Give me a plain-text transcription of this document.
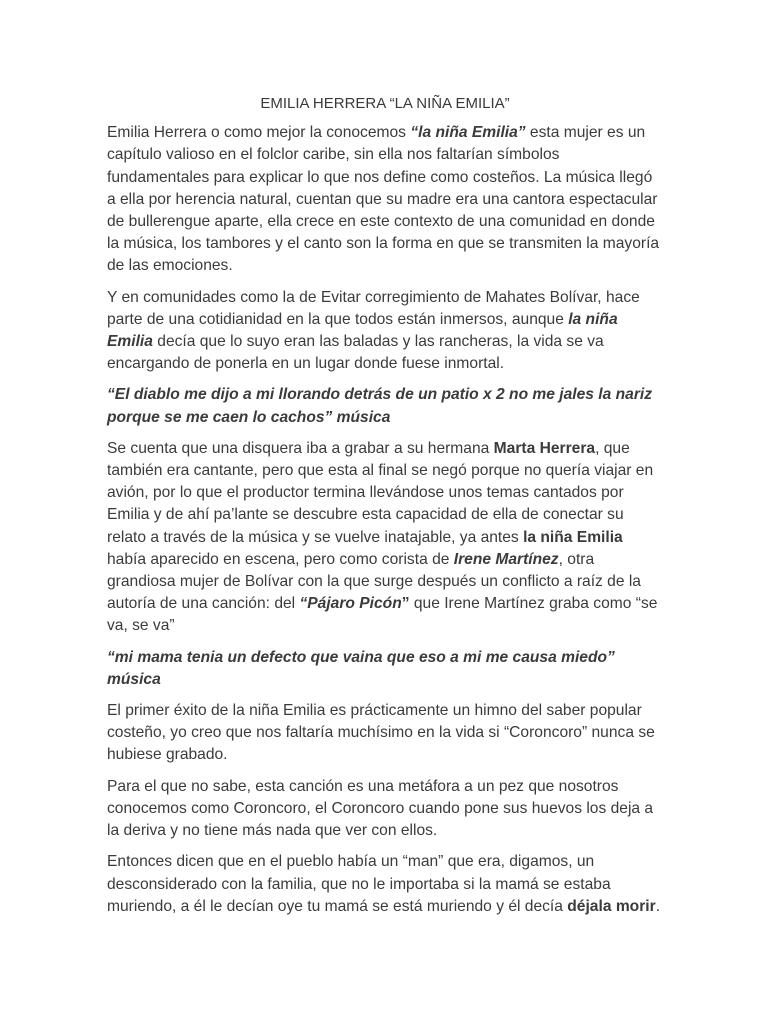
EMILIA HERRERA “LA NIÑA EMILIA”

Emilia Herrera o como mejor la conocemos “la niña Emilia” esta mujer es un capítulo valioso en el folclor caribe, sin ella nos faltarían símbolos fundamentales para explicar lo que nos define como costeños. La música llegó a ella por herencia natural, cuentan que su madre era una cantora espectacular de bullerengue aparte, ella crece en este contexto de una comunidad en donde la música, los tambores y el canto son la forma en que se transmiten la mayoría de las emociones.

Y en comunidades como la de Evitar corregimiento de Mahates Bolívar, hace parte de una cotidianidad en la que todos están inmersos, aunque la niña Emilia decía que lo suyo eran las baladas y las rancheras, la vida se va encargando de ponerla en un lugar donde fuese inmortal.

“El diablo me dijo a mi llorando detrás de un patio x 2 no me jales la nariz porque se me caen lo cachos” música

Se cuenta que una disquera iba a grabar a su hermana Marta Herrera, que también era cantante, pero que esta al final se negó porque no quería viajar en avión, por lo que el productor termina llevándose unos temas cantados por Emilia y de ahí pa’lante se descubre esta capacidad de ella de conectar su relato a través de la música y se vuelve inatajable, ya antes la niña Emilia había aparecido en escena, pero como corista de Irene Martínez, otra grandiosa mujer de Bolívar con la que surge después un conflicto a raíz de la autoría de una canción: del “Pájaro Picón” que Irene Martínez graba como “se va, se va”

“mi mama tenia un defecto que vaina que eso a mi me causa miedo” música

El primer éxito de la niña Emilia es prácticamente un himno del saber popular costeño, yo creo que nos faltaría muchísimo en la vida si “Coroncoro” nunca se hubiese grabado.

Para el que no sabe, esta canción es una metáfora a un pez que nosotros conocemos como Coroncoro, el Coroncoro cuando pone sus huevos los deja a la deriva y no tiene más nada que ver con ellos.

Entonces dicen que en el pueblo había un “man” que era, digamos, un desconsiderado con la familia, que no le importaba si la mamá se estaba muriendo, a él le decían oye tu mamá se está muriendo y él decía déjala morir.
